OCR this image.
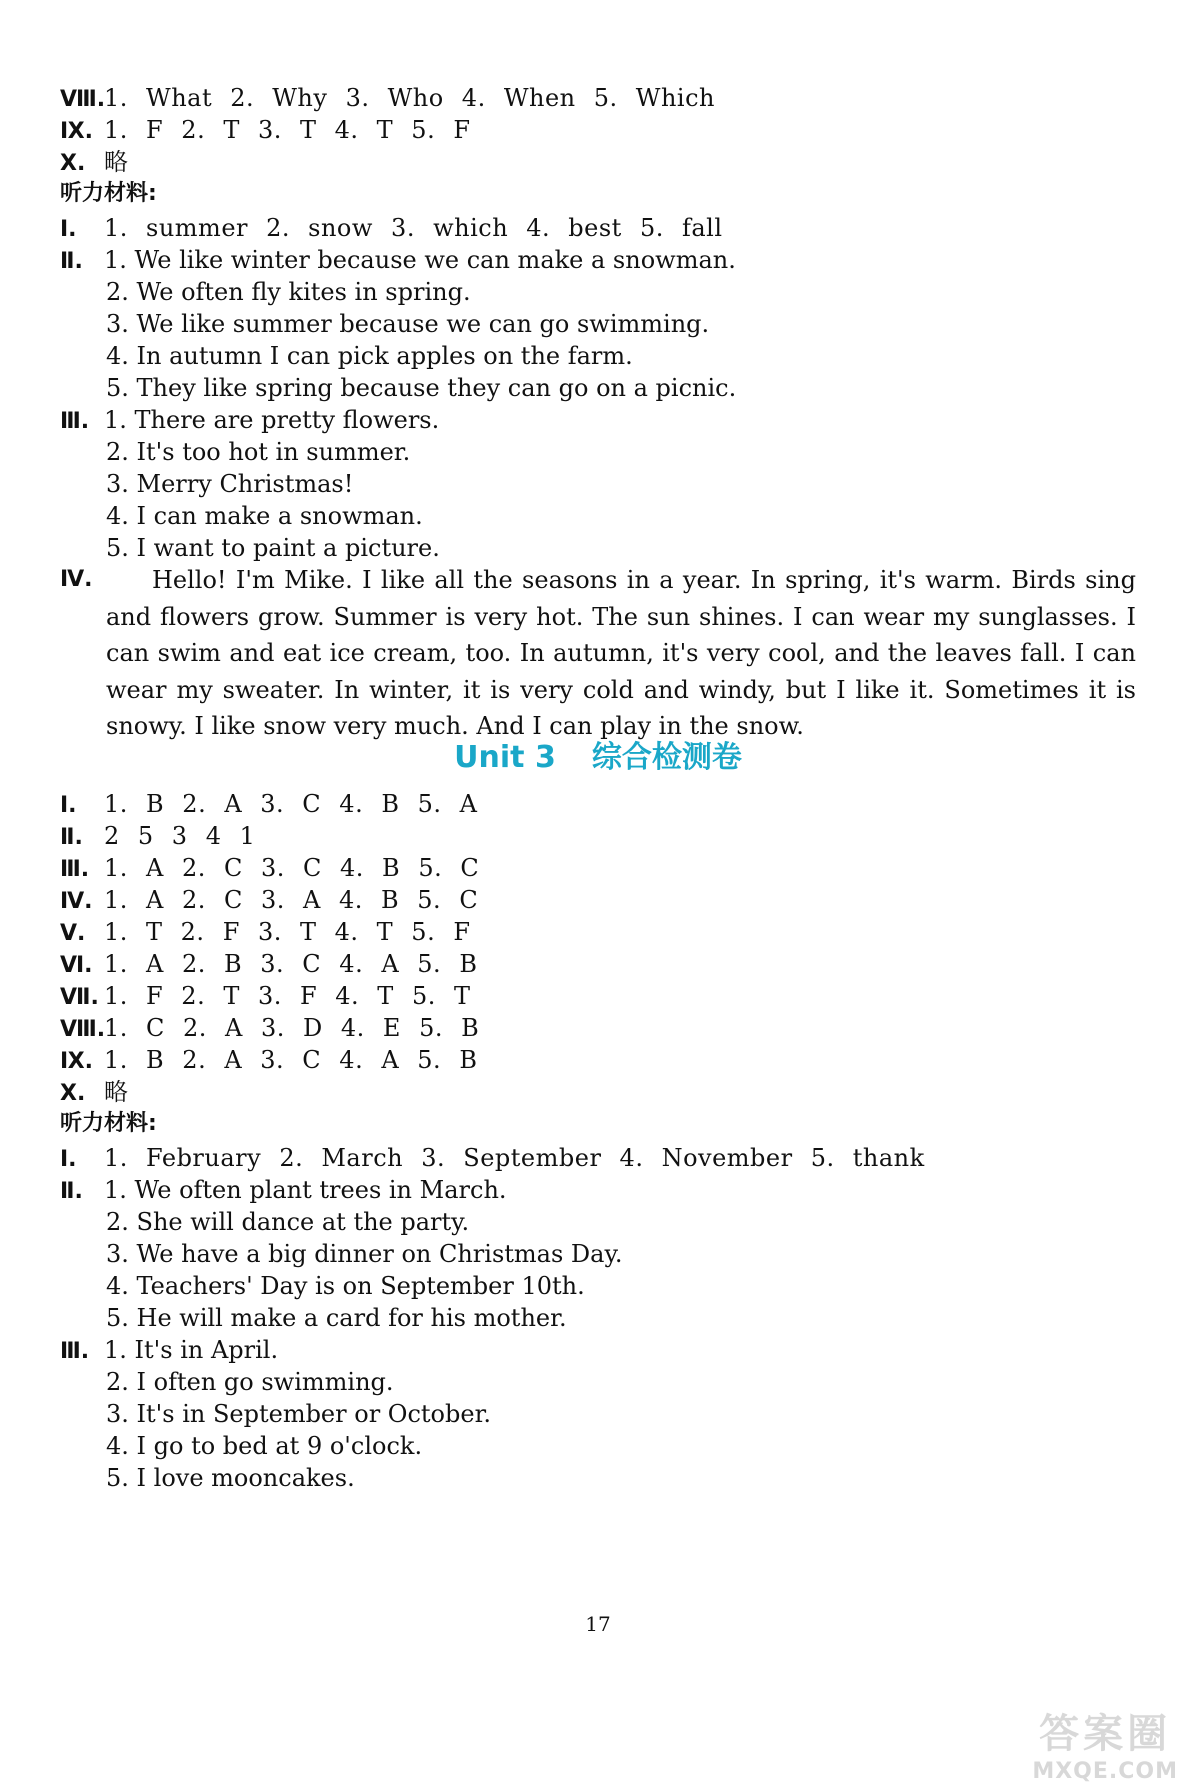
Ⅷ.1. What 2. Why 3. Who 4. When 5. Which
Ⅸ. 1. F 2. T 3. T 4. T 5. F
Ⅹ. 略
听力材料:
Ⅰ. 1. summer 2. snow 3. which 4. best 5. fall
Ⅱ. 1. We like winter because we can make a snowman.
2. We often fly kites in spring.
3. We like summer because we can go swimming.
4. In autumn I can pick apples on the farm.
5. They like spring because they can go on a picnic.
Ⅲ. 1. There are pretty flowers.
2. It's too hot in summer.
3. Merry Christmas!
4. I can make a snowman.
5. I want to paint a picture.
Ⅳ.	Hello! I'm Mike. I like all the seasons in a year. In spring, it's warm. Birds sing and flowers grow. Summer is very hot. The sun shines. I can wear my sunglasses. I can swim and eat ice cream, too. In autumn, it's very cool, and the leaves fall. I can wear my sweater. In winter, it is very cold and windy, but I like it. Sometimes it is snowy. I like snow very much. And I can play in the snow.
Unit 3 综合检测卷
Ⅰ. 1. B 2. A 3. C 4. B 5. A
Ⅱ. 2 5 3 4 1
Ⅲ. 1. A 2. C 3. C 4. B 5. C
Ⅳ. 1. A 2. C 3. A 4. B 5. C
Ⅴ. 1. T 2. F 3. T 4. T 5. F
Ⅵ. 1. A 2. B 3. C 4. A 5. B
Ⅶ. 1. F 2. T 3. F 4. T 5. T
Ⅷ.1. C 2. A 3. D 4. E 5. B
Ⅸ. 1. B 2. A 3. C 4. A 5. B
Ⅹ. 略
听力材料:
Ⅰ. 1. February 2. March 3. September 4. November 5. thank
Ⅱ. 1. We often plant trees in March.
2. She will dance at the party.
3. We have a big dinner on Christmas Day.
4. Teachers' Day is on September 10th.
5. He will make a card for his mother.
Ⅲ. 1. It's in April.
2. I often go swimming.
3. It's in September or October.
4. I go to bed at 9 o'clock.
5. I love mooncakes.
17
答案圈
MXQE.COM
